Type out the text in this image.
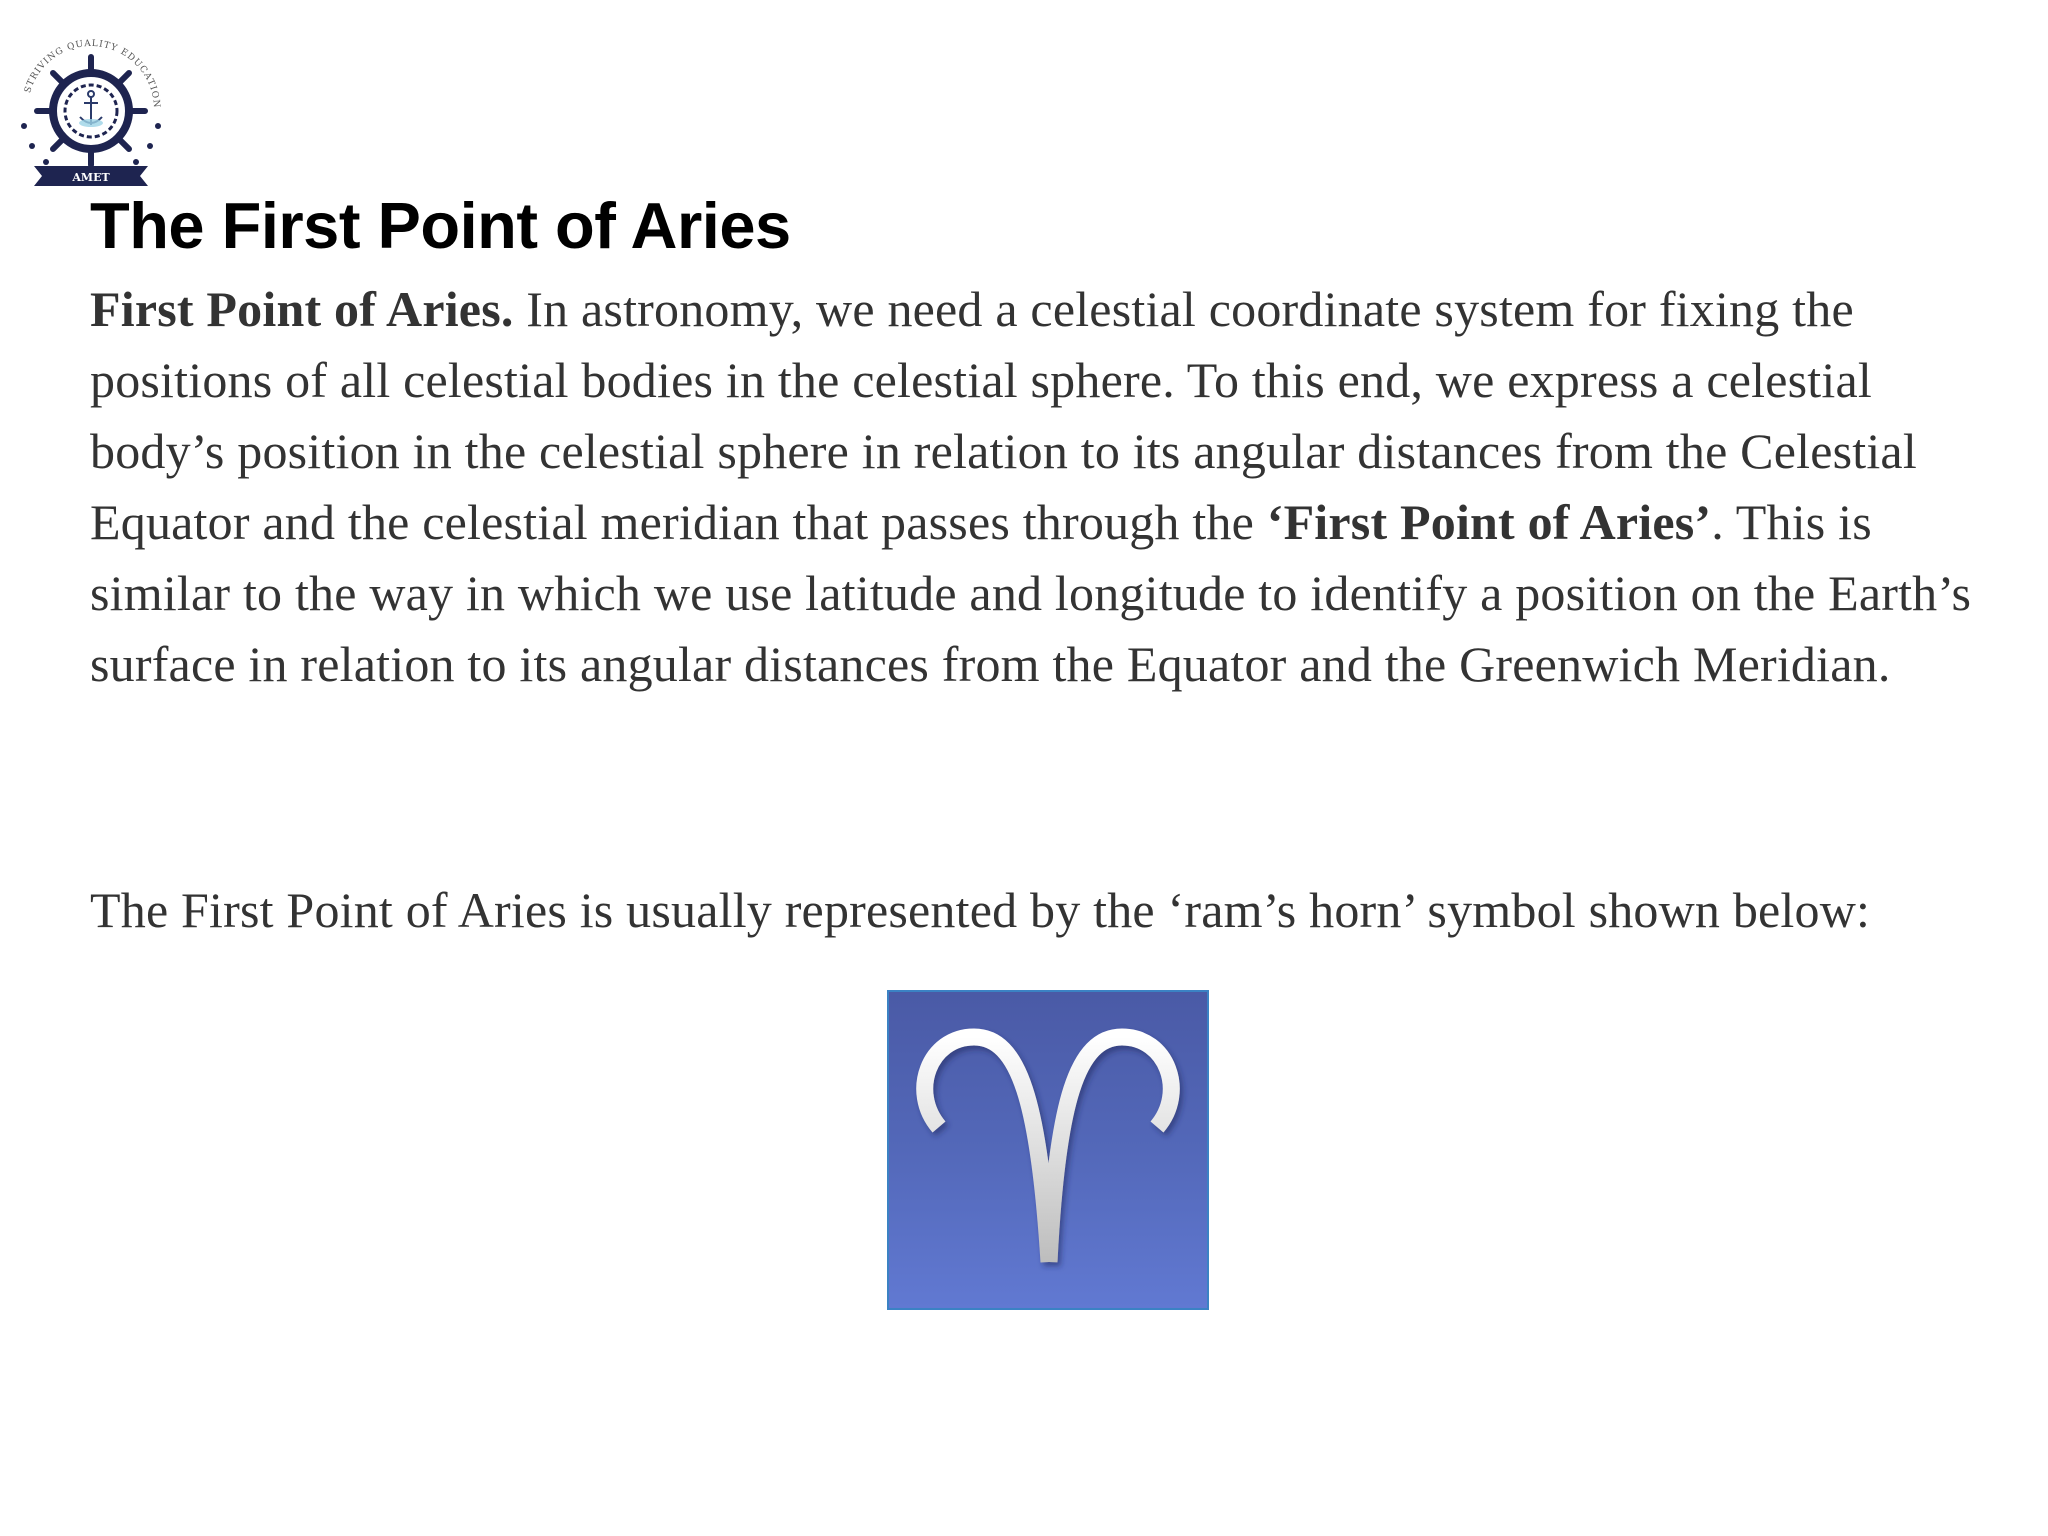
STRIVING QUALITY EDUCATION
AMET
The First Point of Aries

First Point of Aries. In astronomy, we need a celestial coordinate system for fixing the positions of all celestial bodies in the celestial sphere. To this end, we express a celestial body’s position in the celestial sphere in relation to its angular distances from the Celestial Equator and the celestial meridian that passes through the ‘First Point of Aries’. This is similar to the way in which we use latitude and longitude to identify a position on the Earth’s surface in relation to its angular distances from the Equator and the Greenwich Meridian.

The First Point of Aries is usually represented by the ‘ram’s horn’ symbol shown below:
